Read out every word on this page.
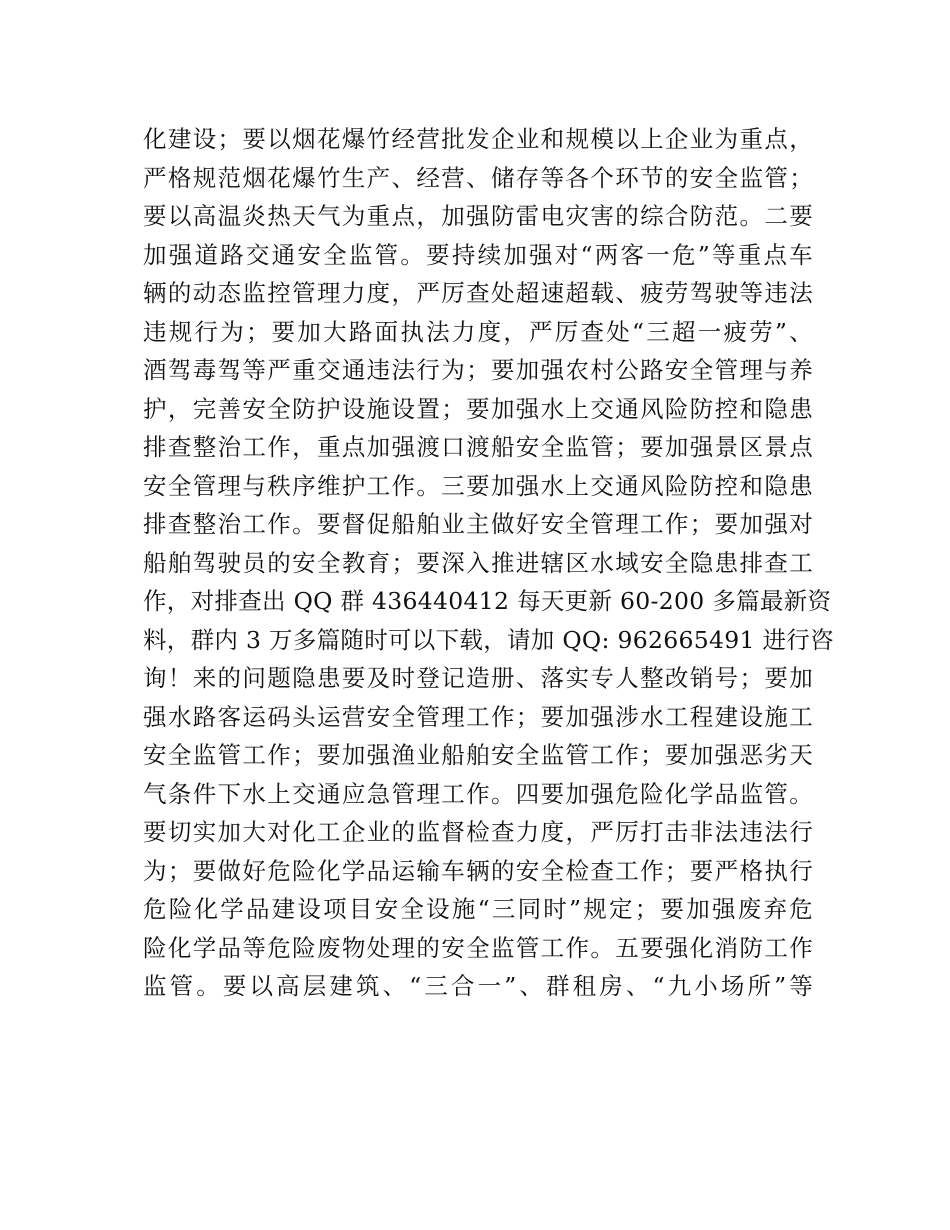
化建设；要以烟花爆竹经营批发企业和规模以上企业为重点，
严格规范烟花爆竹生产、经营、储存等各个环节的安全监管；
要以高温炎热天气为重点，加强防雷电灾害的综合防范。二要
加强道路交通安全监管。要持续加强对“两客一危”等重点车
辆的动态监控管理力度，严厉查处超速超载、疲劳驾驶等违法
违规行为；要加大路面执法力度，严厉查处“三超一疲劳”、
酒驾毒驾等严重交通违法行为；要加强农村公路安全管理与养
护，完善安全防护设施设置；要加强水上交通风险防控和隐患
排查整治工作，重点加强渡口渡船安全监管；要加强景区景点
安全管理与秩序维护工作。三要加强水上交通风险防控和隐患
排查整治工作。要督促船舶业主做好安全管理工作；要加强对
船舶驾驶员的安全教育；要深入推进辖区水域安全隐患排查工
作，对排查出 QQ 群 436440412 每天更新 60-200 多篇最新资
料，群内 3 万多篇随时可以下载，请加 QQ: 962665491 进行咨
询！来的问题隐患要及时登记造册、落实专人整改销号；要加
强水路客运码头运营安全管理工作；要加强涉水工程建设施工
安全监管工作；要加强渔业船舶安全监管工作；要加强恶劣天
气条件下水上交通应急管理工作。四要加强危险化学品监管。
要切实加大对化工企业的监督检查力度，严厉打击非法违法行
为；要做好危险化学品运输车辆的安全检查工作；要严格执行
危险化学品建设项目安全设施“三同时”规定；要加强废弃危
险化学品等危险废物处理的安全监管工作。五要强化消防工作
监管。要以高层建筑、“三合一”、群租房、“九小场所”等
